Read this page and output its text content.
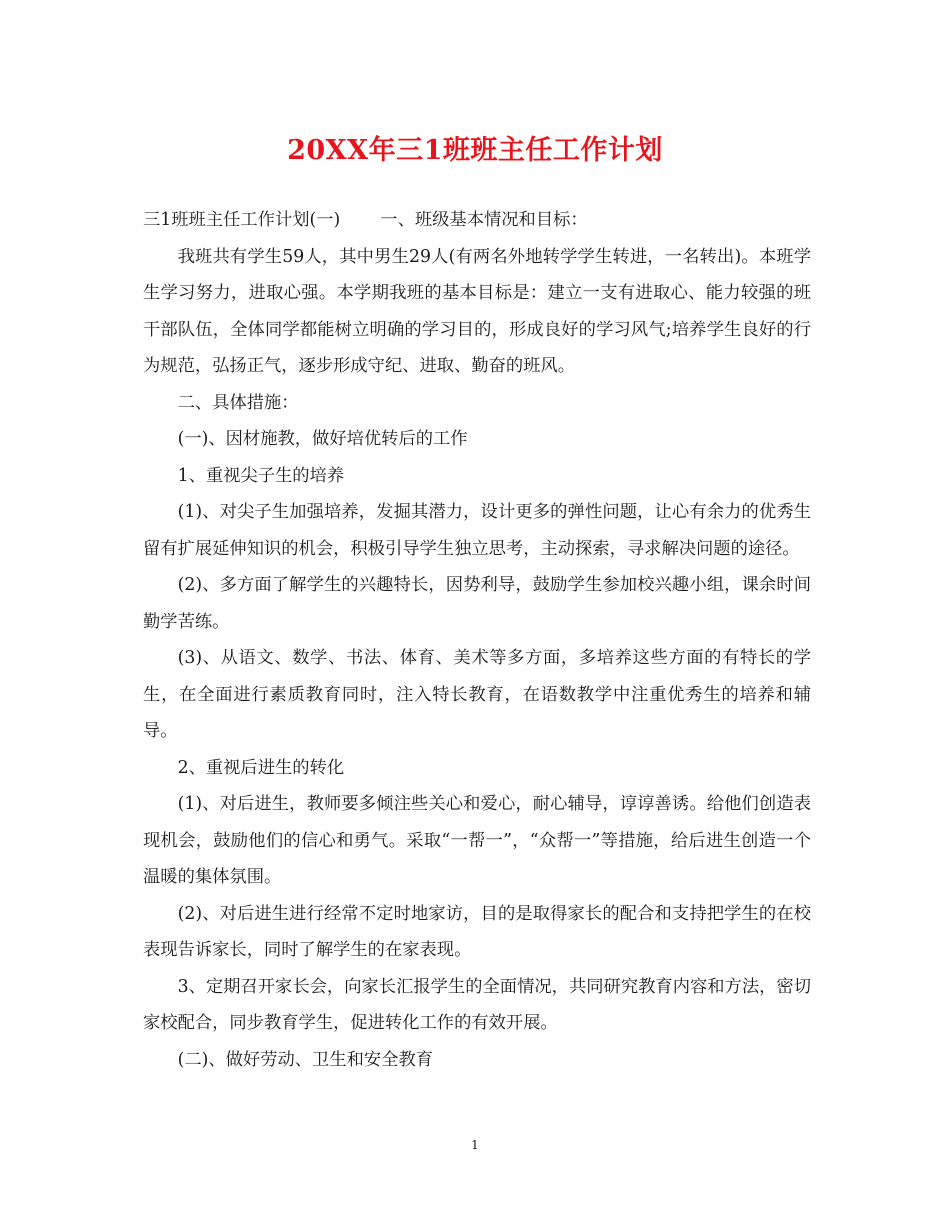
20XX年三1班班主任工作计划

三1班班主任工作计划(一) 一、班级基本情况和目标：

我班共有学生59人，其中男生29人(有两名外地转学学生转进，一名转出)。本班学生学习努力，进取心强。本学期我班的基本目标是：建立一支有进取心、能力较强的班干部队伍，全体同学都能树立明确的学习目的，形成良好的学习风气;培养学生良好的行为规范，弘扬正气，逐步形成守纪、进取、勤奋的班风。

二、具体措施：

(一)、因材施教，做好培优转后的工作

1、重视尖子生的培养

(1)、对尖子生加强培养，发掘其潜力，设计更多的弹性问题，让心有余力的优秀生留有扩展延伸知识的机会，积极引导学生独立思考，主动探索，寻求解决问题的途径。

(2)、多方面了解学生的兴趣特长，因势利导，鼓励学生参加校兴趣小组，课余时间勤学苦练。

(3)、从语文、数学、书法、体育、美术等多方面，多培养这些方面的有特长的学生，在全面进行素质教育同时，注入特长教育，在语数教学中注重优秀生的培养和辅导。

2、重视后进生的转化

(1)、对后进生，教师要多倾注些关心和爱心，耐心辅导，谆谆善诱。给他们创造表现机会，鼓励他们的信心和勇气。采取“一帮一”，“众帮一”等措施，给后进生创造一个温暖的集体氛围。

(2)、对后进生进行经常不定时地家访，目的是取得家长的配合和支持把学生的在校表现告诉家长，同时了解学生的在家表现。

3、定期召开家长会，向家长汇报学生的全面情况，共同研究教育内容和方法，密切家校配合，同步教育学生，促进转化工作的有效开展。

(二)、做好劳动、卫生和安全教育

1
